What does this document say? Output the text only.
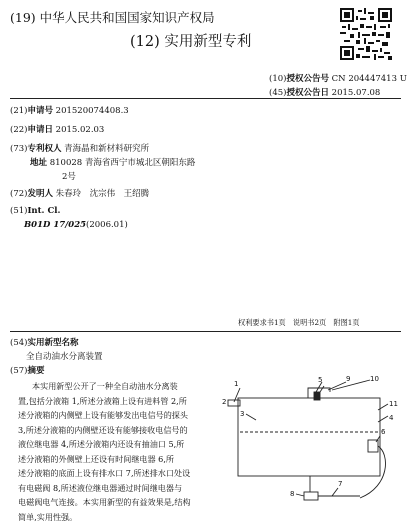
(19) 中华人民共和国国家知识产权局
(12) 实用新型专利
(10)授权公告号 CN 204447413 U
(45)授权公告日 2015.07.08
(21)申请号 201520074408.3
(22)申请日 2015.02.03
(73)专利权人 青海晶和新材料研究所
地址 810028 青海省西宁市城北区朝阳东路
2号
(72)发明人 朱春玲　沈宗伟　王绍腾
(51)Int. Cl.
B01D 17/025(2006.01)
权利要求书1页　说明书2页　附图1页
(54)实用新型名称
全自动油水分离装置
(57)摘要
本实用新型公开了一种全自动油水分离装
置,包括分液箱 1,所述分液箱上设有进料管 2,所
述分液箱的内侧壁上设有能够发出电信号的探头
3,所述分液箱的内侧壁还设有能够接收电信号的
液位继电器 4,所述分液箱内还设有抽油口 5,所
述分液箱的外侧壁上还设有时间继电器 6,所
述分液箱的底面上设有排水口 7,所述排水口处设
有电磁阀 8,所述液位继电器通过时间继电器与
电磁阀电气连接。本实用新型的有益效果是,结构
简单,实用性强。
1
2
3	4
5
6
7
8
9	10
11
